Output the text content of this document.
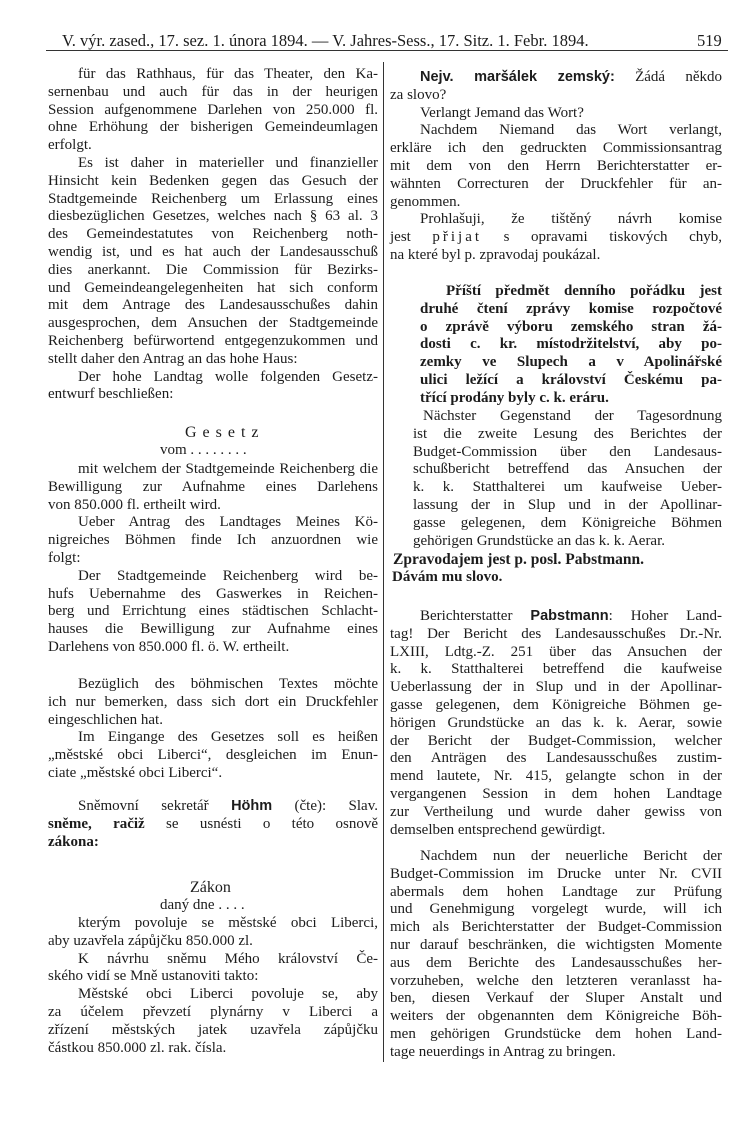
V. výr. zased., 17. sez. 1. února 1894. — V. Jahres-Sess., 17. Sitz. 1. Febr. 1894.	519
für das Rathhaus, für das Theater, den Ka-
sernenbau und auch für das in der heurigen
Session aufgenommene Darlehen von 250.000 fl.
ohne Erhöhung der bisherigen Gemeindeumlagen
erfolgt.
Es ist daher in materieller und finanzieller
Hinsicht kein Bedenken gegen das Gesuch der
Stadtgemeinde Reichenberg um Erlassung eines
diesbezüglichen Gesetzes, welches nach § 63 al. 3
des Gemeindestatutes von Reichenberg noth-
wendig ist, und es hat auch der Landesausschuß
dies anerkannt. Die Commission für Bezirks-
und Gemeindeangelegenheiten hat sich conform
mit dem Antrage des Landesausschußes dahin
ausgesprochen, dem Ansuchen der Stadtgemeinde
Reichenberg befürwortend entgegenzukommen und
stellt daher den Antrag an das hohe Haus:
Der hohe Landtag wolle folgenden Gesetz-
entwurf beschließen:
G e s e t z
vom . . . . . . . .
mit welchem der Stadtgemeinde Reichenberg die
Bewilligung zur Aufnahme eines Darlehens
von 850.000 fl. ertheilt wird.
Ueber Antrag des Landtages Meines Kö-
nigreiches Böhmen finde Ich anzuordnen wie
folgt:
Der Stadtgemeinde Reichenberg wird be-
hufs Uebernahme des Gaswerkes in Reichen-
berg und Errichtung eines städtischen Schlacht-
hauses die Bewilligung zur Aufnahme eines
Darlehens von 850.000 fl. ö. W. ertheilt.
Bezüglich des böhmischen Textes möchte
ich nur bemerken, dass sich dort ein Druckfehler
eingeschlichen hat.
Im Eingange des Gesetzes soll es heißen
„městské obci Liberci“, desgleichen im Enun-
ciate „městské obci Liberci“.
Sněmovní sekretář Höhm (čte): Slav.
sněme, račiž se usnésti o této osnově
zákona:
Zákon
daný dne . . . .
kterým povoluje se městské obci Liberci,
aby uzavřela zápůjčku 850.000 zl.
K návrhu sněmu Mého království Če-
ského vidí se Mně ustanoviti takto:
Městské obci Liberci povoluje se, aby
za účelem převzetí plynárny v Liberci a
zřízení městských jatek uzavřela zápůjčku
částkou 850.000 zl. rak. čísla.
Nejv. maršálek zemský: Žádá někdo
za slovo?
Verlangt Jemand das Wort?
Nachdem Niemand das Wort verlangt,
erkläre ich den gedruckten Commissionsantrag
mit dem von den Herrn Berichterstatter er-
wähnten Correcturen der Druckfehler für an-
genommen.
Prohlašuji, že tištěný návrh komise
jest přijat s opravami tiskových chyb,
na které byl p. zpravodaj poukázal.
Příští předmět denního pořádku jest
druhé čtení zprávy komise rozpočtové
o zprávě výboru zemského stran žá-
dosti c. kr. místodržitelství, aby po-
zemky ve Slupech a v Apolinářské
ulici ležící a království Českému pa-
třící prodány byly c. k. eráru.
Nächster Gegenstand der Tagesordnung
ist die zweite Lesung des Berichtes der
Budget-Commission über den Landesaus-
schußbericht betreffend das Ansuchen der
k. k. Statthalterei um kaufweise Ueber-
lassung der in Slup und in der Apollinar-
gasse gelegenen, dem Königreiche Böhmen
gehörigen Grundstücke an das k. k. Aerar.
Zpravodajem jest p. posl. Pabstmann.
Dávám mu slovo.
Berichterstatter Pabstmann: Hoher Land-
tag! Der Bericht des Landesausschußes Dr.-Nr.
LXIII, Ldtg.-Z. 251 über das Ansuchen der
k. k. Statthalterei betreffend die kaufweise
Ueberlassung der in Slup und in der Apollinar-
gasse gelegenen, dem Königreiche Böhmen ge-
hörigen Grundstücke an das k. k. Aerar, sowie
der Bericht der Budget-Commission, welcher
den Anträgen des Landesausschußes zustim-
mend lautete, Nr. 415, gelangte schon in der
vergangenen Session in dem hohen Landtage
zur Vertheilung und wurde daher gewiss von
demselben entsprechend gewürdigt.
Nachdem nun der neuerliche Bericht der
Budget-Commission im Drucke unter Nr. CVII
abermals dem hohen Landtage zur Prüfung
und Genehmigung vorgelegt wurde, will ich
mich als Berichterstatter der Budget-Commission
nur darauf beschränken, die wichtigsten Momente
aus dem Berichte des Landesausschußes her-
vorzuheben, welche den letzteren veranlasst ha-
ben, diesen Verkauf der Sluper Anstalt und
weiters der obgenannten dem Königreiche Böh-
men gehörigen Grundstücke dem hohen Land-
tage neuerdings in Antrag zu bringen.
